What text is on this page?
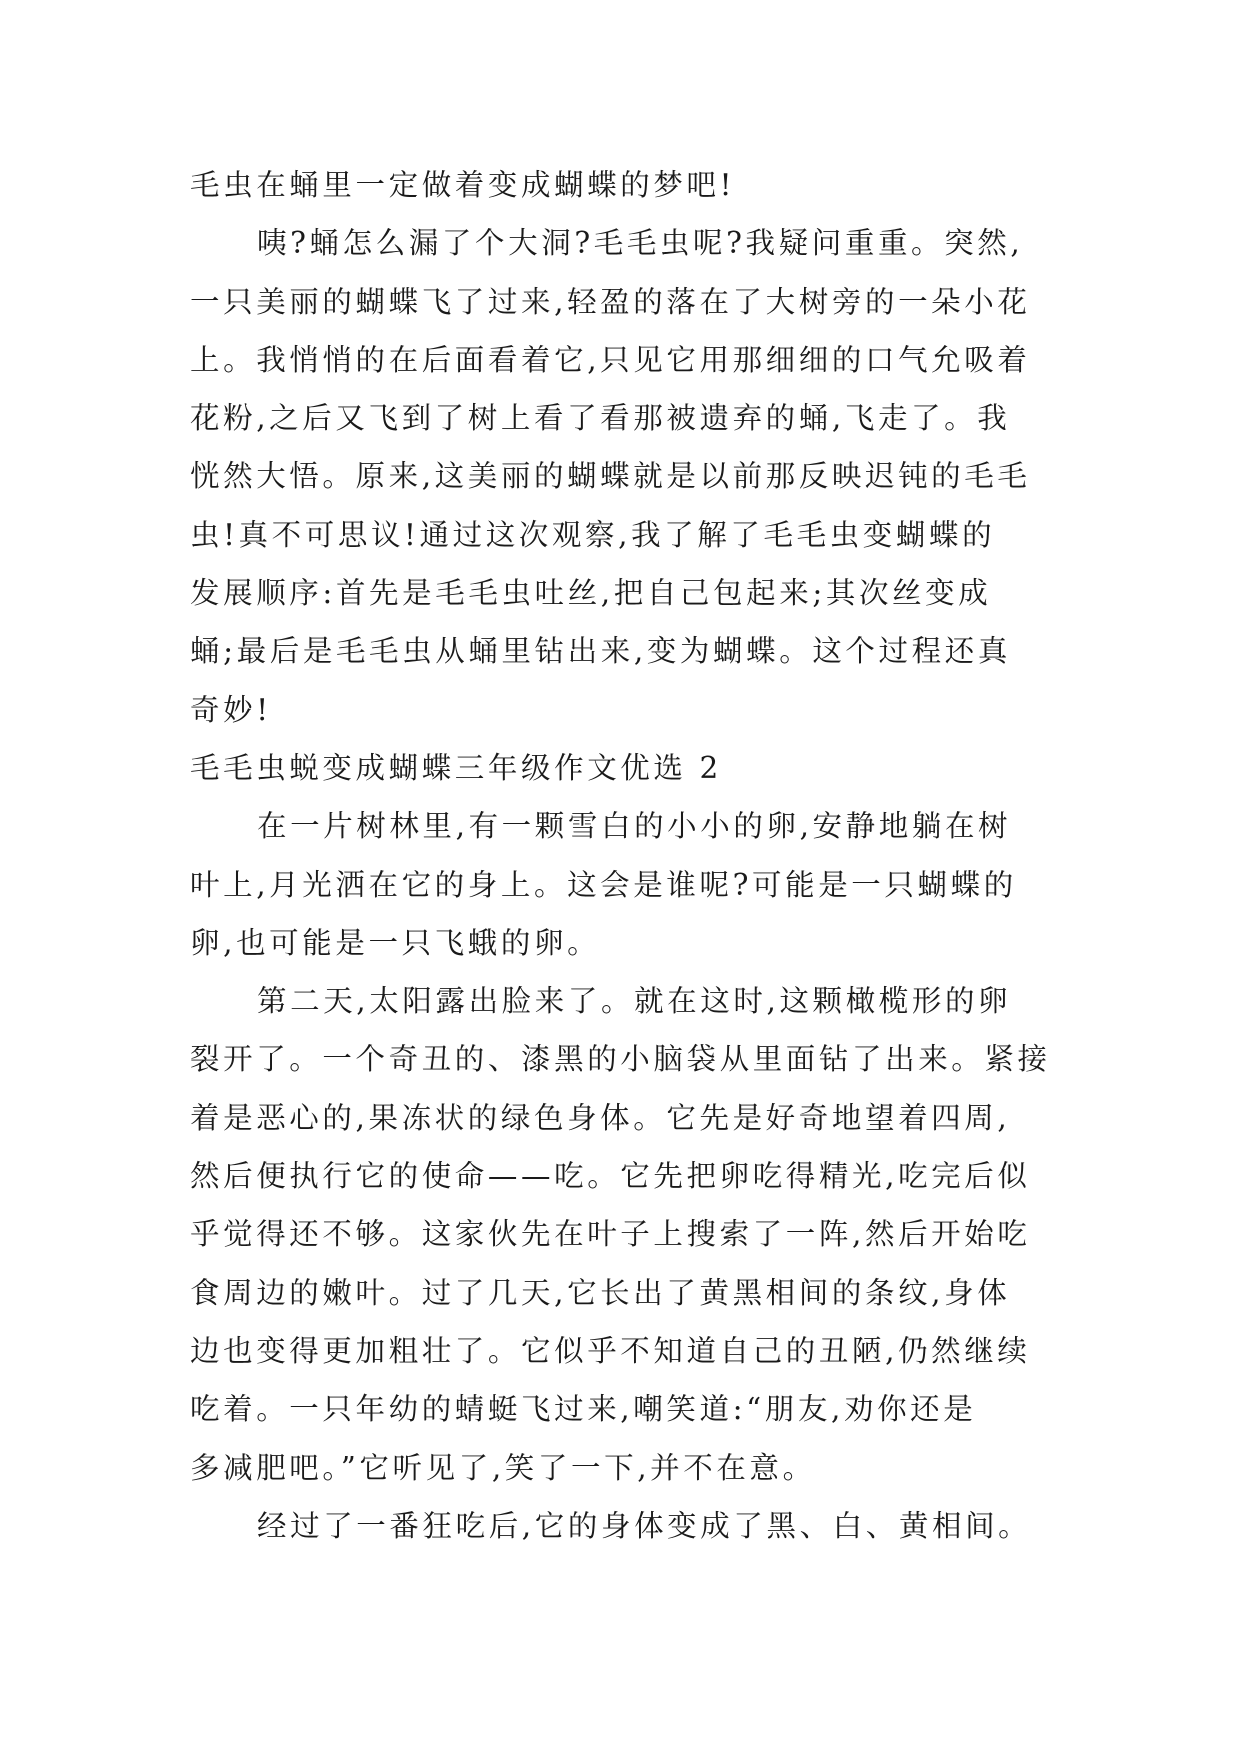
毛虫在蛹里一定做着变成蝴蝶的梦吧!
咦?蛹怎么漏了个大洞?毛毛虫呢?我疑问重重。突然,
一只美丽的蝴蝶飞了过来,轻盈的落在了大树旁的一朵小花
上。我悄悄的在后面看着它,只见它用那细细的口气允吸着
花粉,之后又飞到了树上看了看那被遗弃的蛹,飞走了。我
恍然大悟。原来,这美丽的蝴蝶就是以前那反映迟钝的毛毛
虫!真不可思议!通过这次观察,我了解了毛毛虫变蝴蝶的
发展顺序:首先是毛毛虫吐丝,把自己包起来;其次丝变成
蛹;最后是毛毛虫从蛹里钻出来,变为蝴蝶。这个过程还真
奇妙!
毛毛虫蜕变成蝴蝶三年级作文优选 2
在一片树林里,有一颗雪白的小小的卵,安静地躺在树
叶上,月光洒在它的身上。这会是谁呢?可能是一只蝴蝶的
卵,也可能是一只飞蛾的卵。
第二天,太阳露出脸来了。就在这时,这颗橄榄形的卵
裂开了。一个奇丑的、漆黑的小脑袋从里面钻了出来。紧接
着是恶心的,果冻状的绿色身体。它先是好奇地望着四周,
然后便执行它的使命——吃。它先把卵吃得精光,吃完后似
乎觉得还不够。这家伙先在叶子上搜索了一阵,然后开始吃
食周边的嫩叶。过了几天,它长出了黄黑相间的条纹,身体
边也变得更加粗壮了。它似乎不知道自己的丑陋,仍然继续
吃着。一只年幼的蜻蜓飞过来,嘲笑道:“朋友,劝你还是
多减肥吧。”它听见了,笑了一下,并不在意。
经过了一番狂吃后,它的身体变成了黑、白、黄相间。
